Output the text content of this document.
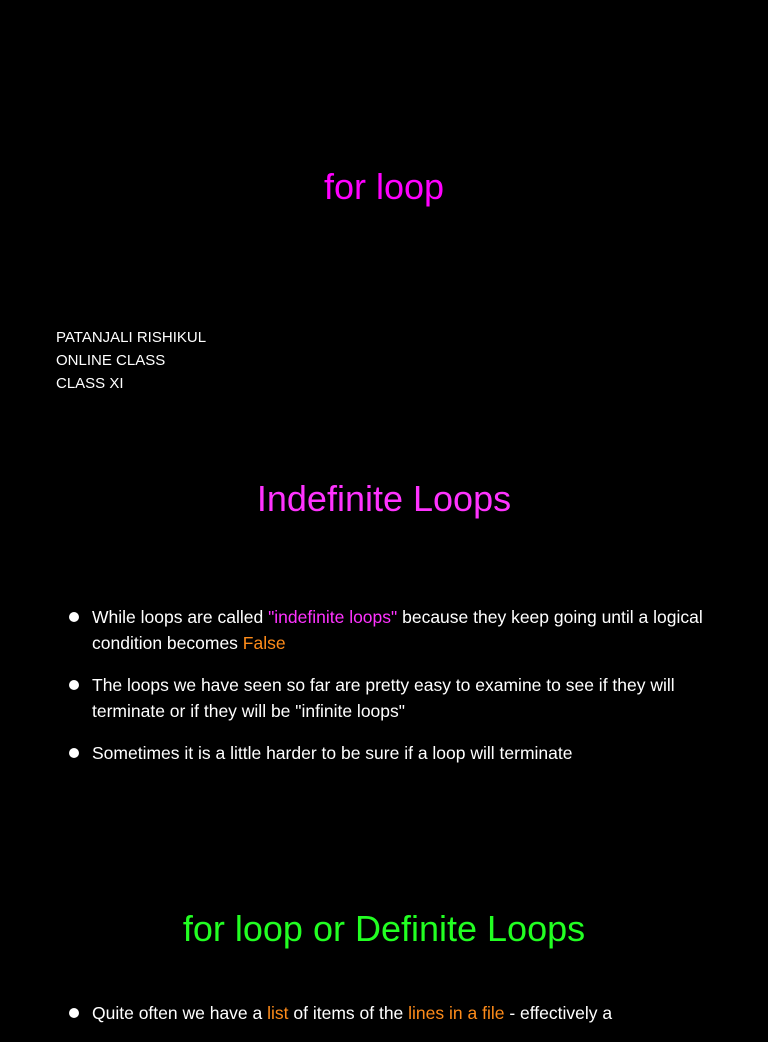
for loop
PATANJALI RISHIKUL
ONLINE CLASS
CLASS XI
Indefinite Loops
While loops are called "indefinite loops" because they keep going until a logical condition becomes False
The loops we have seen so far are pretty easy to examine to see if they will terminate or if they will be "infinite loops"
Sometimes it is a little harder to be sure if a loop will terminate
for loop or Definite Loops
Quite often we have a list of items of the lines in a file - effectively a
